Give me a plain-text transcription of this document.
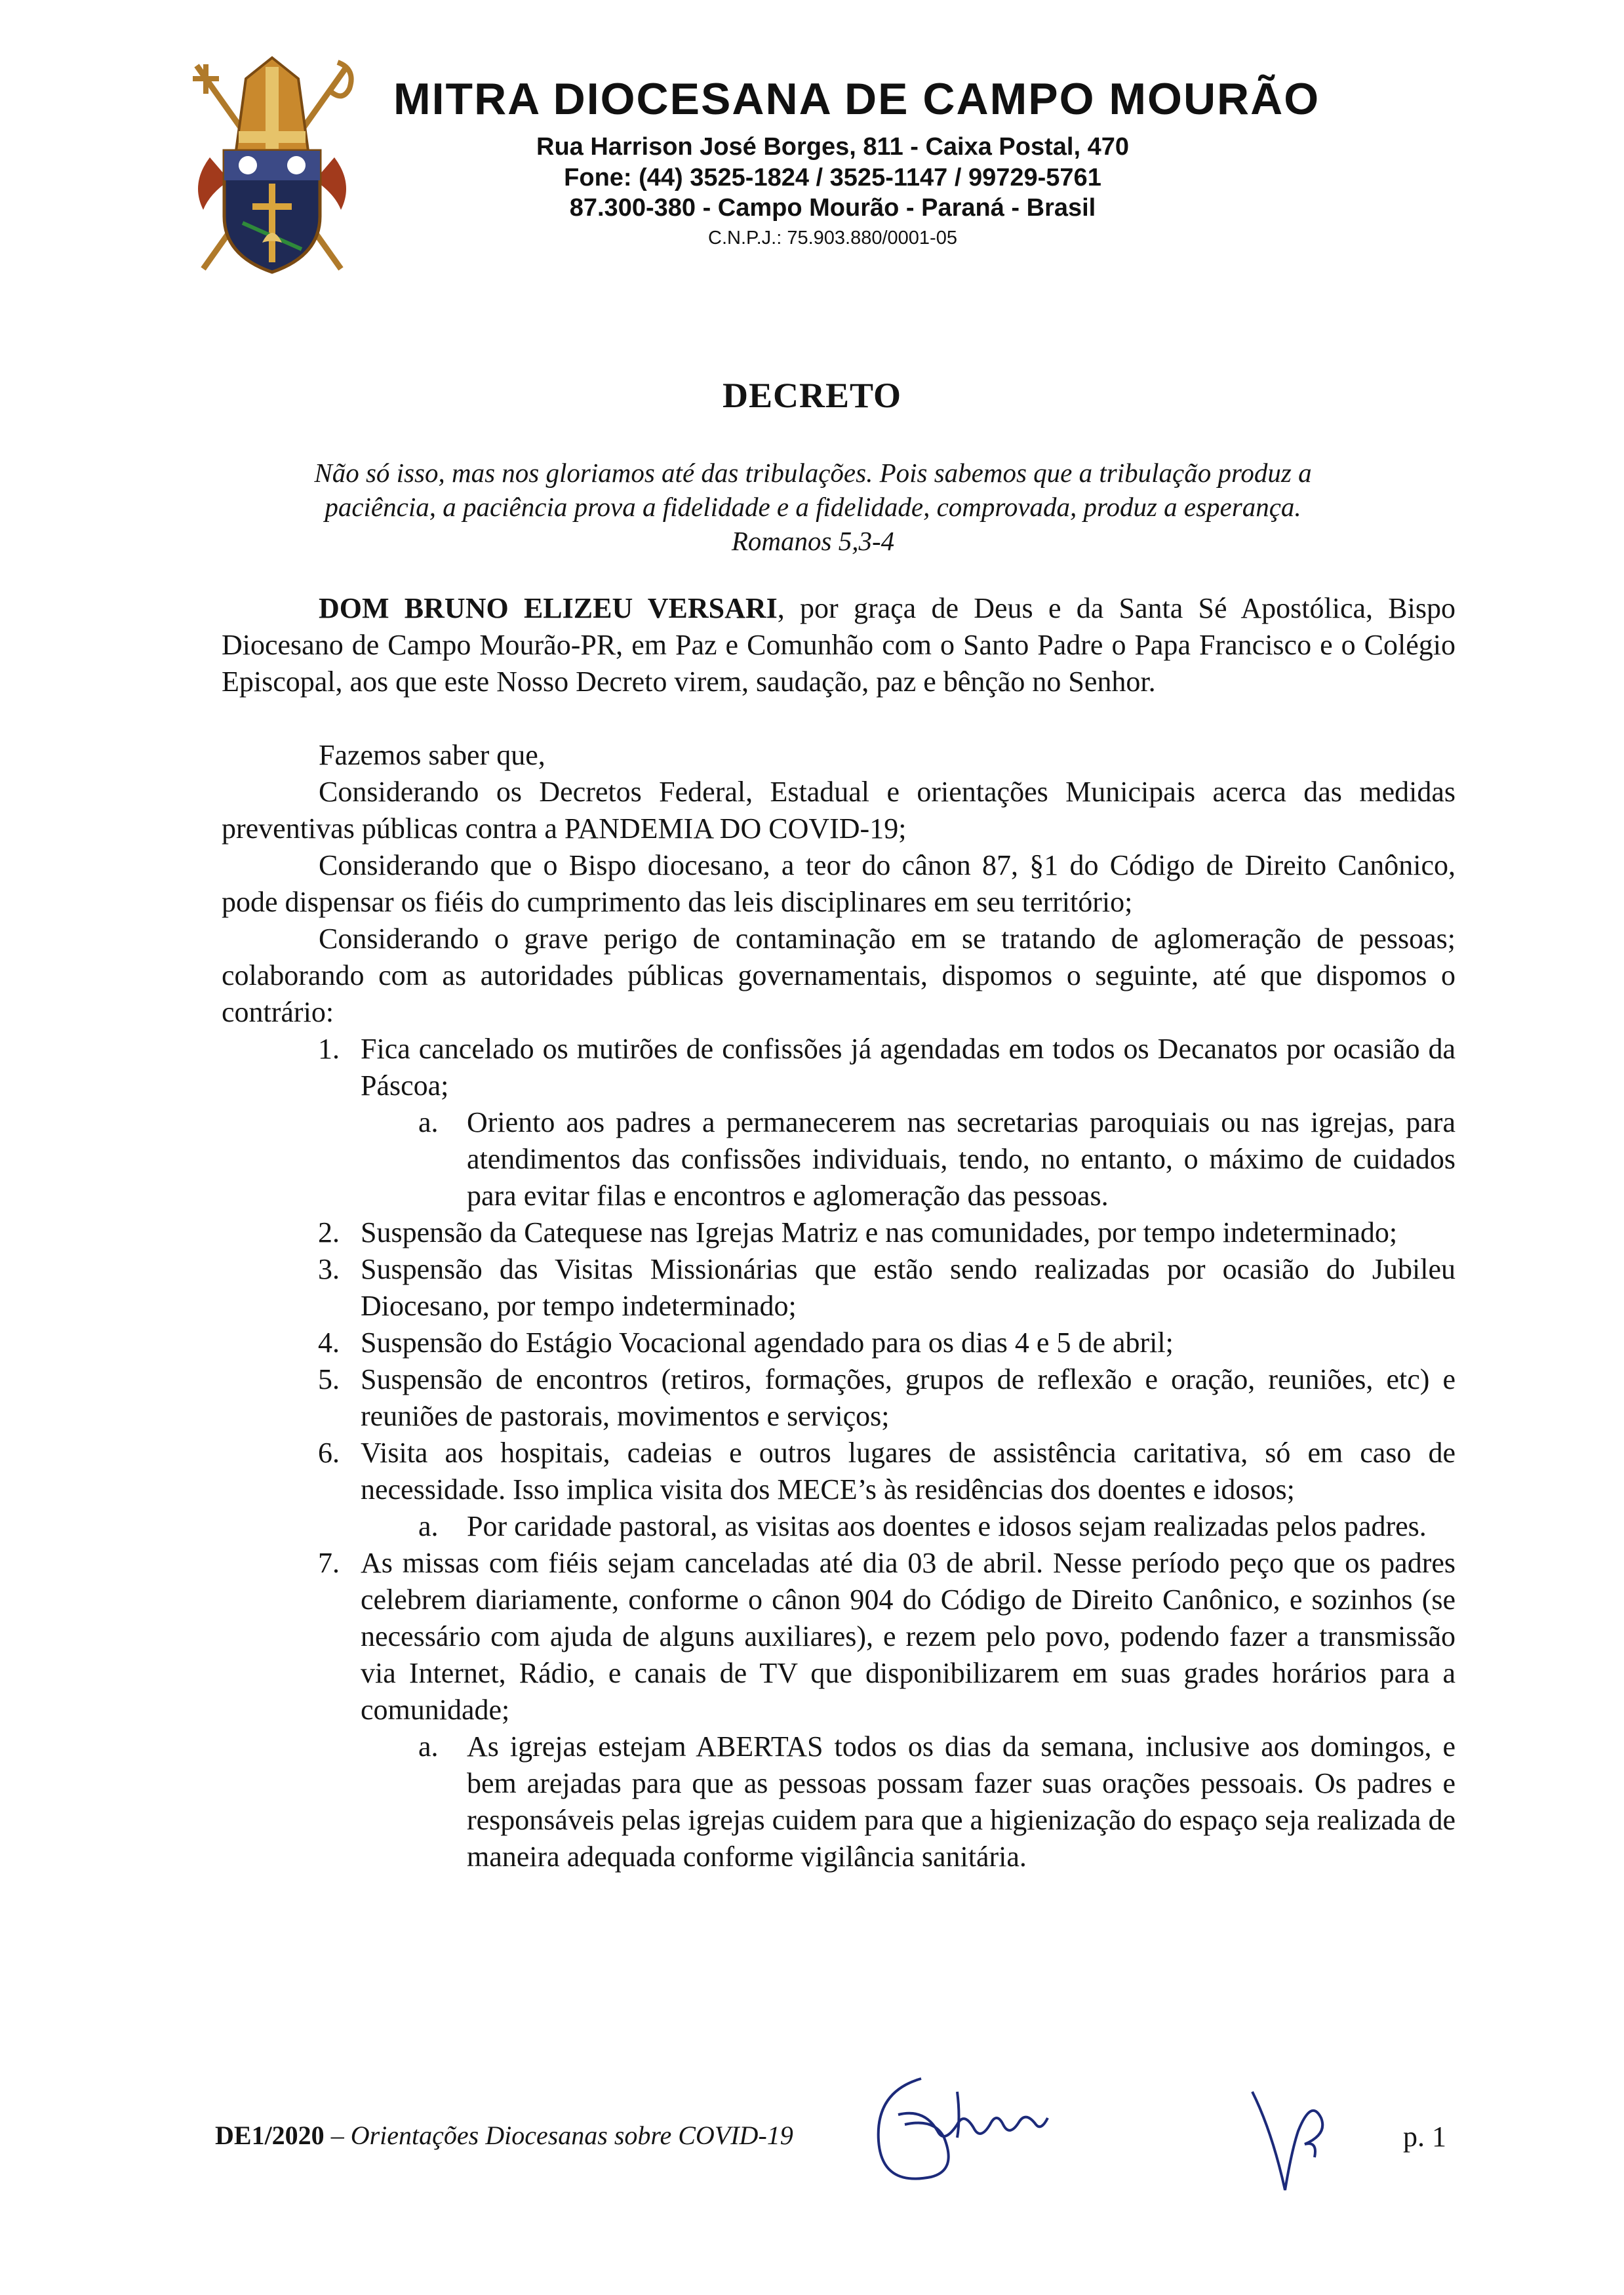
MITRA DIOCESANA DE CAMPO MOURÃO

Rua Harrison José Borges, 811 - Caixa Postal, 470

Fone: (44) 3525-1824 / 3525-1147 / 99729-5761

87.300-380 - Campo Mourão - Paraná - Brasil

C.N.P.J.: 75.903.880/0001-05

DECRETO

Não só isso, mas nos gloriamos até das tribulações. Pois sabemos que a tribulação produz a

paciência, a paciência prova a fidelidade e a fidelidade, comprovada, produz a esperança.

Romanos 5,3-4

DOM BRUNO ELIZEU VERSARI, por graça de Deus e da Santa Sé Apostólica, Bispo Diocesano de Campo Mourão-PR, em Paz e Comunhão com o Santo Padre o Papa Francisco e o Colégio Episcopal, aos que este Nosso Decreto virem, saudação, paz e bênção no Senhor.

Fazemos saber que,

Considerando os Decretos Federal, Estadual e orientações Municipais acerca das medidas preventivas públicas contra a PANDEMIA DO COVID-19;

Considerando que o Bispo diocesano, a teor do cânon 87, §1 do Código de Direito Canônico, pode dispensar os fiéis do cumprimento das leis disciplinares em seu território;

Considerando o grave perigo de contaminação em se tratando de aglomeração de pessoas; colaborando com as autoridades públicas governamentais, dispomos o seguinte, até que dispomos o contrário:

1. Fica cancelado os mutirões de confissões já agendadas em todos os Decanatos por ocasião da Páscoa;
a. Oriento aos padres a permanecerem nas secretarias paroquiais ou nas igrejas, para atendimentos das confissões individuais, tendo, no entanto, o máximo de cuidados para evitar filas e encontros e aglomeração das pessoas.
2. Suspensão da Catequese nas Igrejas Matriz e nas comunidades, por tempo indeterminado;
3. Suspensão das Visitas Missionárias que estão sendo realizadas por ocasião do Jubileu Diocesano, por tempo indeterminado;
4. Suspensão do Estágio Vocacional agendado para os dias 4 e 5 de abril;
5. Suspensão de encontros (retiros, formações, grupos de reflexão e oração, reuniões, etc) e reuniões de pastorais, movimentos e serviços;
6. Visita aos hospitais, cadeias e outros lugares de assistência caritativa, só em caso de necessidade. Isso implica visita dos MECE’s às residências dos doentes e idosos;
a. Por caridade pastoral, as visitas aos doentes e idosos sejam realizadas pelos padres.
7. As missas com fiéis sejam canceladas até dia 03 de abril. Nesse período peço que os padres celebrem diariamente, conforme o cânon 904 do Código de Direito Canônico, e sozinhos (se necessário com ajuda de alguns auxiliares), e rezem pelo povo, podendo fazer a transmissão via Internet, Rádio, e canais de TV que disponibilizarem em suas grades horários para a comunidade;
a. As igrejas estejam ABERTAS todos os dias da semana, inclusive aos domingos, e bem arejadas para que as pessoas possam fazer suas orações pessoais. Os padres e responsáveis pelas igrejas cuidem para que a higienização do espaço seja realizada de maneira adequada conforme vigilância sanitária.
DE1/2020 – Orientações Diocesanas sobre COVID-19	p. 1
